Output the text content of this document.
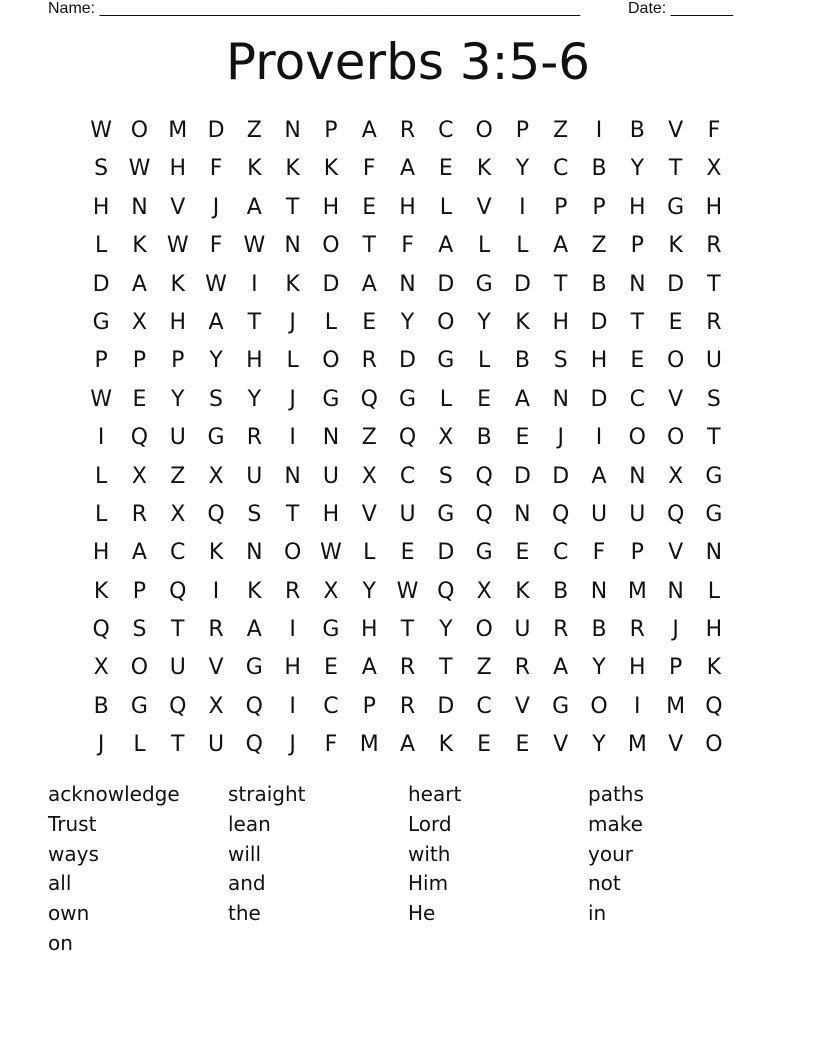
Name: ______________________________________________________	Date: _______
Proverbs 3:5-6
W O M D	Z	N	P	A	R	C O	P	Z	I	B	V	F
S W H	F	K	K	K	F	A	E	K	Y	C	B	Y	T	X
H N	V	J	A	T	H	E	H	L	V	I	P	P	H G H
L	K W F W N O	T	F	A	L	L	A	Z	P	K	R
D	A	K W	I	K	D	A	N D G D	T	B	N D	T
G	X	H	A	T	J	L	E	Y	O	Y	K	H D	T	E	R
P	P	P	Y	H	L	O R	D G	L	B	S	H	E	O U
W E	Y	S	Y	J	G Q G	L	E	A	N D	C	V	S
I	Q U G	R	I	N	Z	Q	X	B	E	J	I	O O	T
L	X	Z	X	U	N	U	X	C	S	Q D D	A	N	X	G
L	R	X	Q	S	T	H	V	U G Q N Q U	U Q G
H	A	C	K	N O W L	E	D G	E	C	F	P	V	N
K	P	Q	I	K	R	X	Y W Q	X	K	B	N M N	L
Q	S	T	R	A	I	G H	T	Y	O U	R	B	R	J	H
X	O U	V	G H	E	A	R	T	Z	R	A	Y	H	P	K
B	G Q	X	Q	I	C	P	R	D	C	V	G O	I	M Q
J	L	T	U Q	J	F	M A	K	E	E	V	Y	M V	O
acknowledge	straight	heart	paths
Trust	lean	Lord	make
ways	will	with	your
all	and	Him	not
own	the	He	in
on
